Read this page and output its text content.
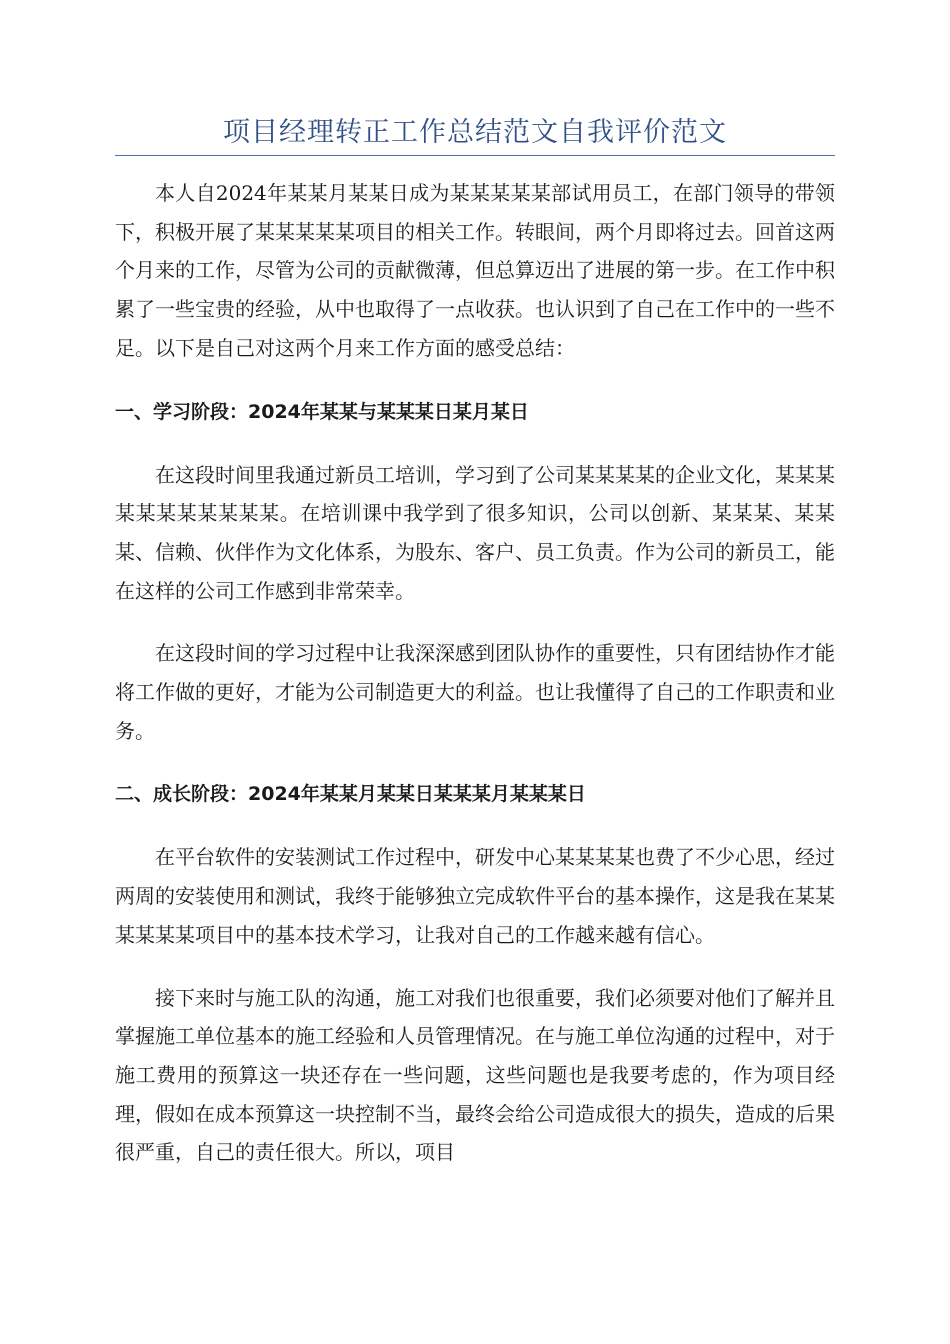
项目经理转正工作总结范文自我评价范文

本人自2024年某某月某某日成为某某某某某部试用员工，在部门领导的带领下，积极开展了某某某某某项目的相关工作。转眼间，两个月即将过去。回首这两个月来的工作，尽管为公司的贡献微薄，但总算迈出了进展的第一步。在工作中积累了一些宝贵的经验，从中也取得了一点收获。也认识到了自己在工作中的一些不足。以下是自己对这两个月来工作方面的感受总结：

一、学习阶段：2024年某某与某某某日某月某日

在这段时间里我通过新员工培训，学习到了公司某某某某的企业文化，某某某某某某某某某某某。在培训课中我学到了很多知识，公司以创新、某某某、某某某、信赖、伙伴作为文化体系，为股东、客户、员工负责。作为公司的新员工，能在这样的公司工作感到非常荣幸。

在这段时间的学习过程中让我深深感到团队协作的重要性，只有团结协作才能将工作做的更好，才能为公司制造更大的利益。也让我懂得了自己的工作职责和业务。

二、成长阶段：2024年某某月某某日某某某月某某某日

在平台软件的安装测试工作过程中，研发中心某某某某也费了不少心思，经过两周的安装使用和测试，我终于能够独立完成软件平台的基本操作，这是我在某某某某某某项目中的基本技术学习，让我对自己的工作越来越有信心。

接下来时与施工队的沟通，施工对我们也很重要，我们必须要对他们了解并且掌握施工单位基本的施工经验和人员管理情况。在与施工单位沟通的过程中，对于施工费用的预算这一块还存在一些问题，这些问题也是我要考虑的，作为项目经理，假如在成本预算这一块控制不当，最终会给公司造成很大的损失，造成的后果很严重，自己的责任很大。所以，项目
